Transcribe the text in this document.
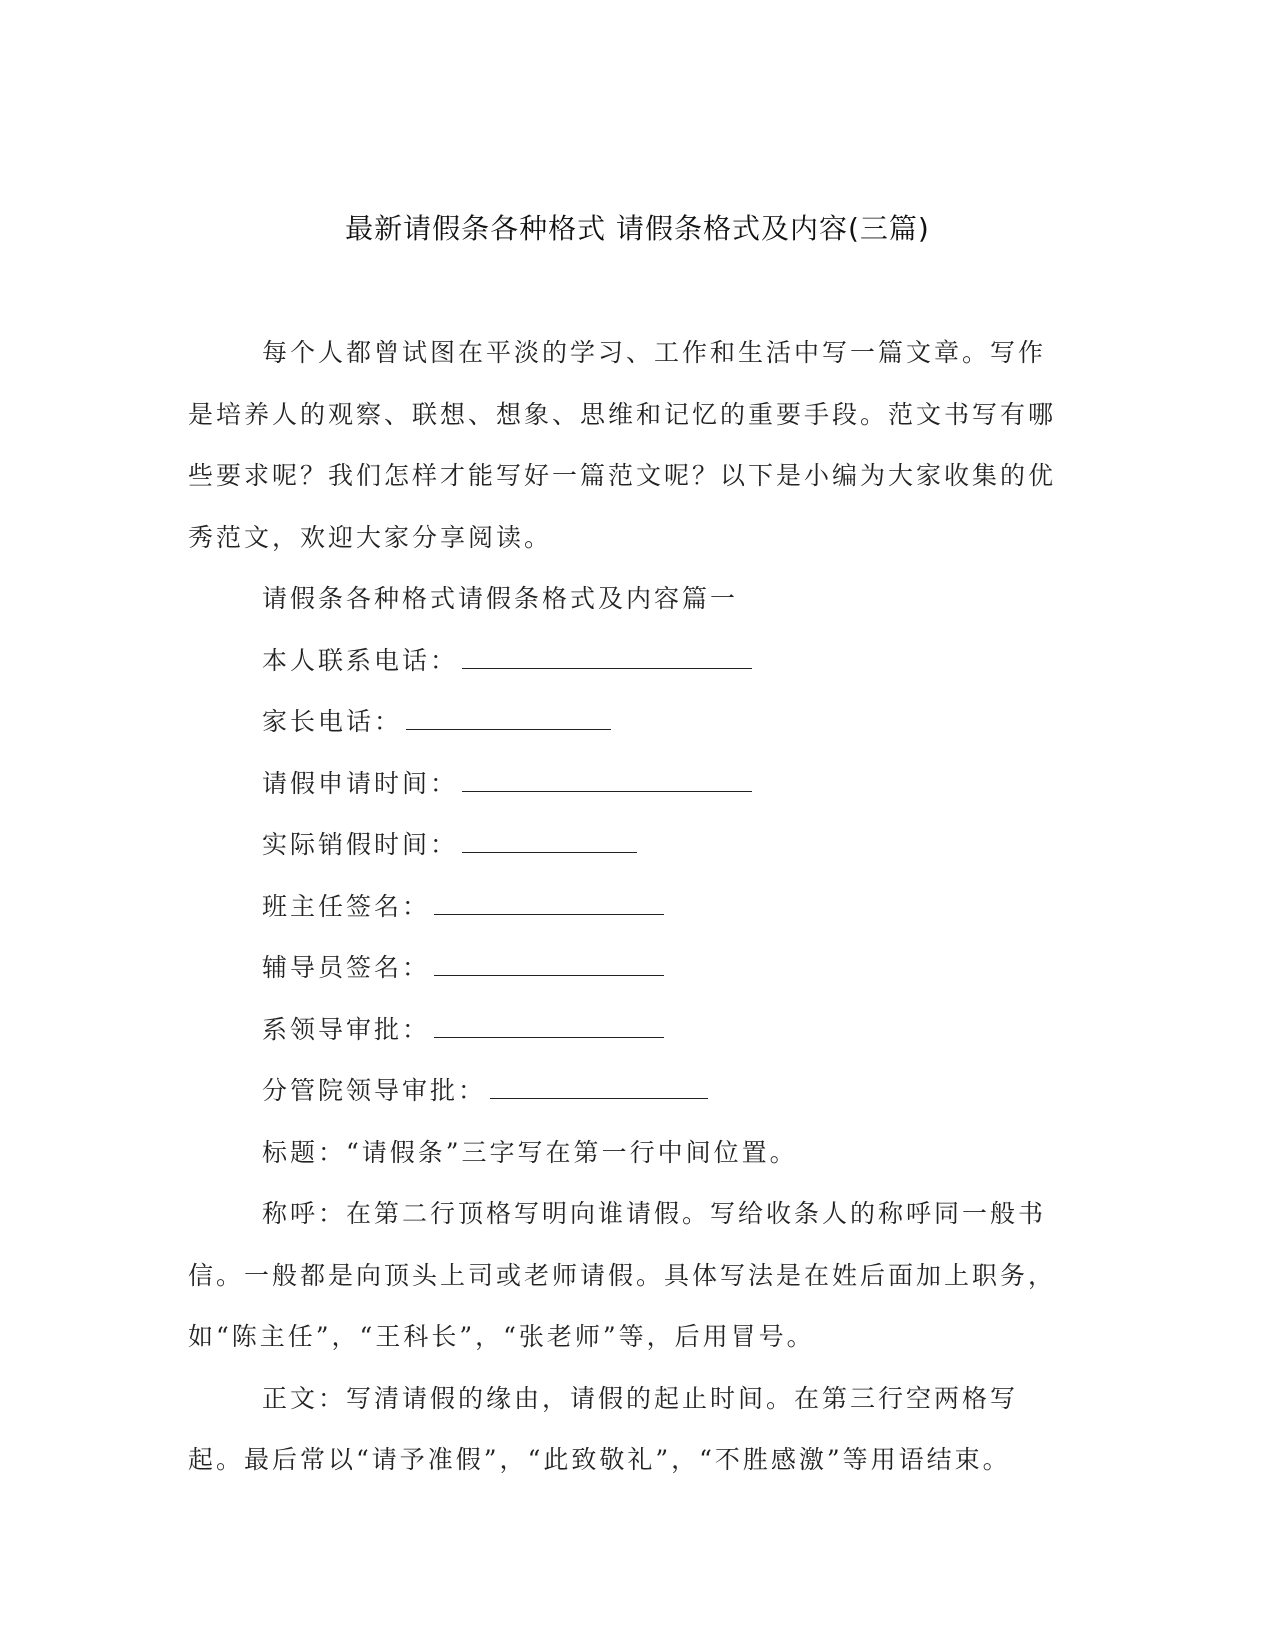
最新请假条各种格式 请假条格式及内容(三篇)

每个人都曾试图在平淡的学习、工作和生活中写一篇文章。写作是培养人的观察、联想、想象、思维和记忆的重要手段。范文书写有哪些要求呢？我们怎样才能写好一篇范文呢？以下是小编为大家收集的优秀范文，欢迎大家分享阅读。

请假条各种格式请假条格式及内容篇一

本人联系电话：

家长电话：

请假申请时间：

实际销假时间：

班主任签名：

辅导员签名：

系领导审批：

分管院领导审批：

标题：“请假条”三字写在第一行中间位置。

称呼：在第二行顶格写明向谁请假。写给收条人的称呼同一般书信。一般都是向顶头上司或老师请假。具体写法是在姓后面加上职务，如“陈主任”，“王科长”，“张老师”等，后用冒号。

正文：写清请假的缘由，请假的起止时间。在第三行空两格写起。最后常以“请予准假”，“此致敬礼”，“不胜感激”等用语结束。
